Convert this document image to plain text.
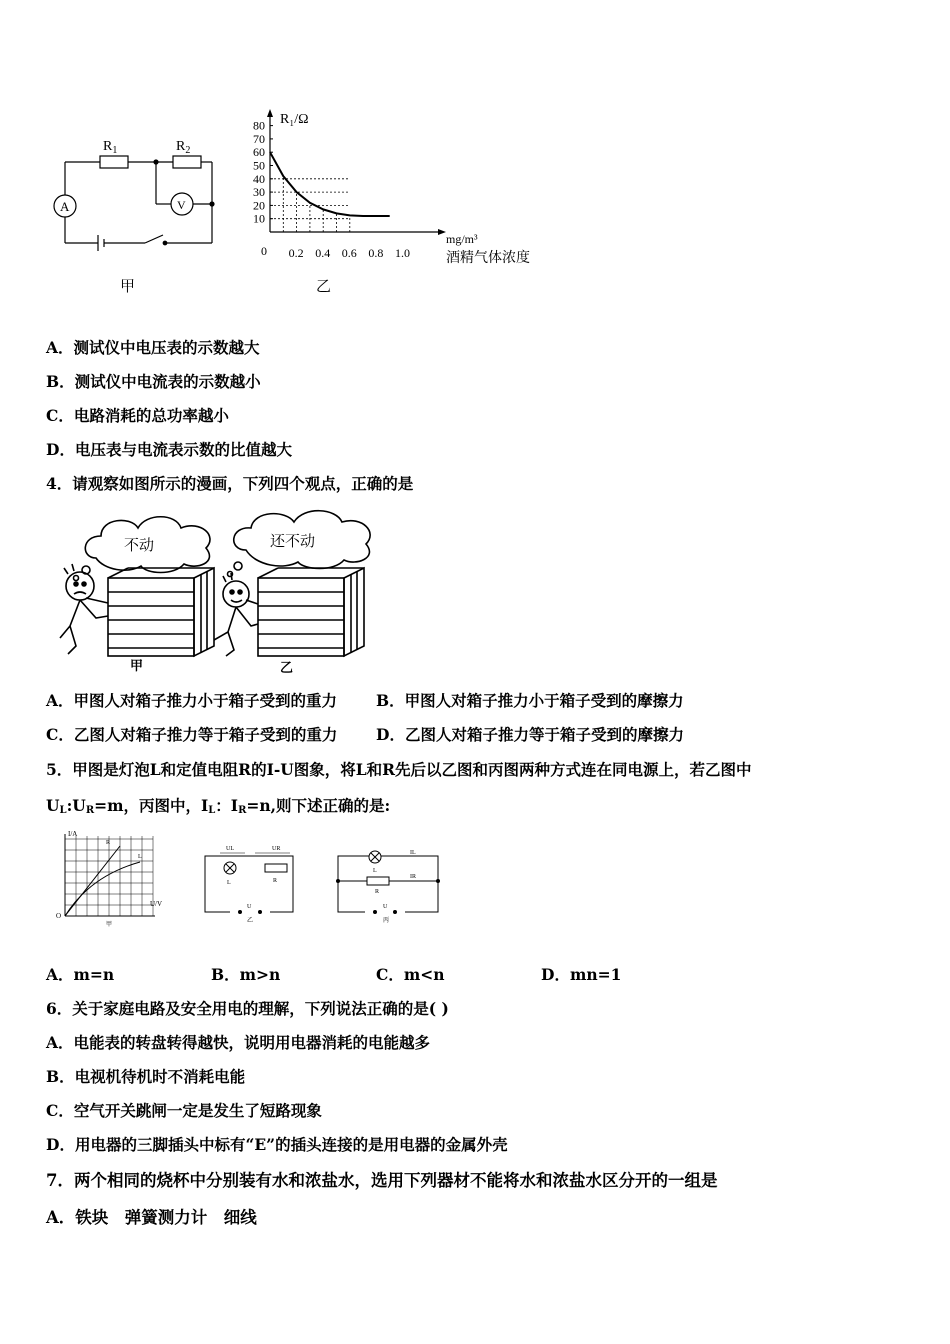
$R_1$	$R_2$
A	V
甲
80
70
60
50
40
30
20
10
0.2 0.4 0.6 0.8 1.0
R₁/Ω
0
mg/m³
酒精气体浓度
乙
A．测试仪中电压表的示数越大
B．测试仪中电流表的示数越小
C．电路消耗的总功率越小
D．电压表与电流表示数的比值越大
4．请观察如图所示的漫画，下列四个观点，正确的是
不动	还不动
甲	乙
A．甲图人对箱子推力小于箱子受到的重力	B．甲图人对箱子推力小于箱子受到的摩擦力
C．乙图人对箱子推力等于箱子受到的重力 D．乙图人对箱子推力等于箱子受到的摩擦力
5．甲图是灯泡L和定值电阻R的I-U图象，将L和R先后以乙图和丙图两种方式连在同电源上，若乙图中
$U_L:U_R=m$，丙图中，$I_L$：$I_R=n$,则下述正确的是:
I/A
U/V
O
R
L
甲
UL	UR
L	R
U
乙
IL
IR
L
R
U
丙
A．m=n	B．m>n	C．m<n	D．mn=1
6．关于家庭电路及安全用电的理解，下列说法正确的是( )
A．电能表的转盘转得越快，说明用电器消耗的电能越多
B．电视机待机时不消耗电能
C．空气开关跳闸一定是发生了短路现象
D．用电器的三脚插头中标有“E”的插头连接的是用电器的金属外壳
7．两个相同的烧杯中分别装有水和浓盐水，选用下列器材不能将水和浓盐水区分开的一组是
A．铁块　弹簧测力计　细线
